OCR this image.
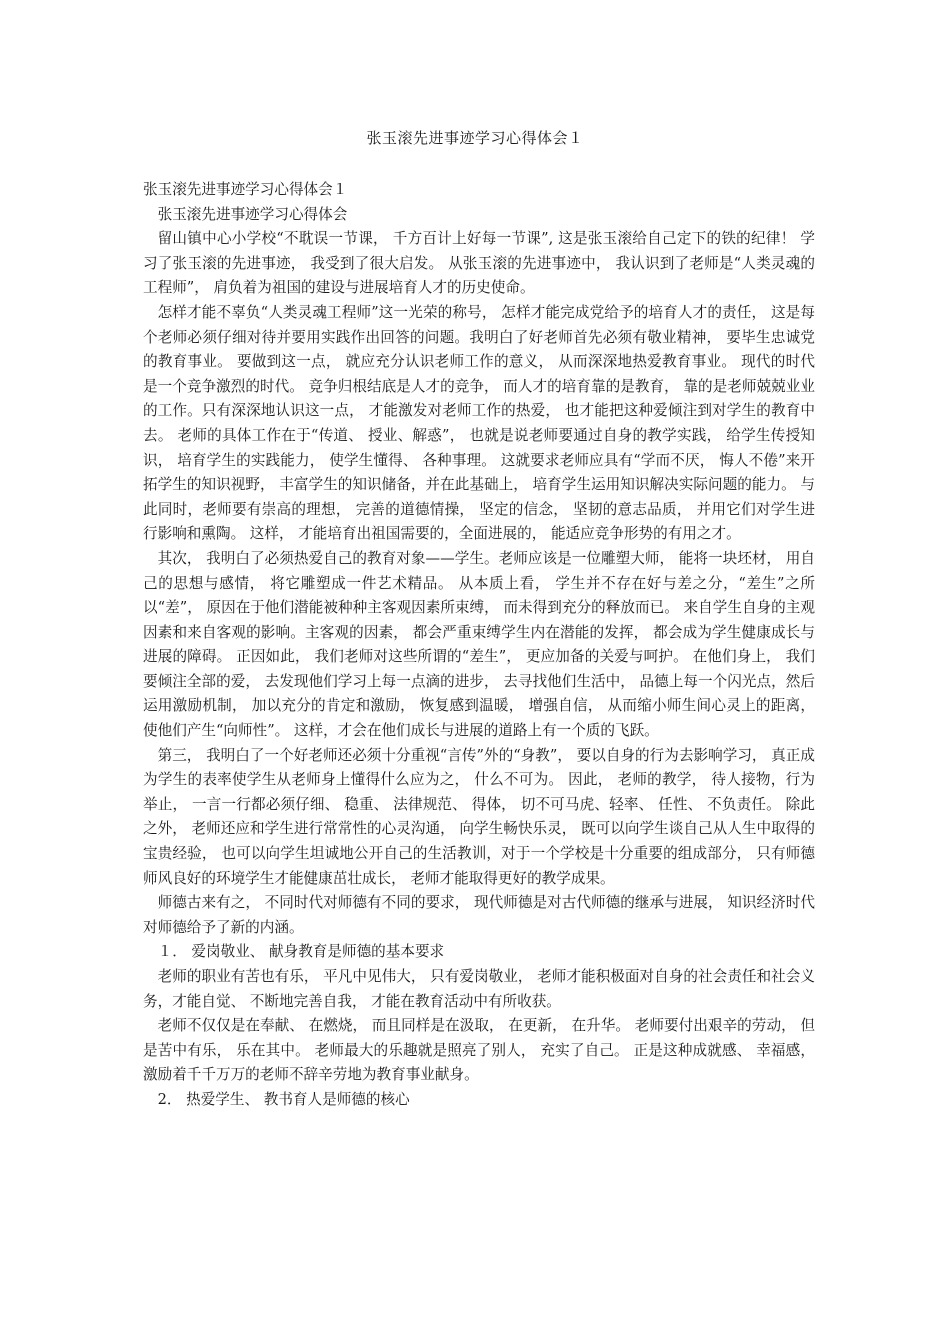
张玉滚先进事迹学习心得体会１

张玉滚先进事迹学习心得体会１

张玉滚先进事迹学习心得体会

留山镇中心小学校“不耽误一节课， 千方百计上好每一节课”, 这是张玉滚给自己定下的铁的纪律！ 学习了张玉滚的先进事迹， 我受到了很大启发。 从张玉滚的先进事迹中， 我认识到了老师是“人类灵魂的工程师”， 肩负着为祖国的建设与进展培育人才的历史使命。

怎样才能不辜负“人类灵魂工程师”这一光荣的称号， 怎样才能完成党给予的培育人才的责任， 这是每个老师必须仔细对待并要用实践作出回答的问题。我明白了好老师首先必须有敬业精神， 要毕生忠诚党的教育事业。 要做到这一点， 就应充分认识老师工作的意义， 从而深深地热爱教育事业。 现代的时代是一个竞争激烈的时代。 竞争归根结底是人才的竞争， 而人才的培育靠的是教育， 靠的是老师兢兢业业的工作。只有深深地认识这一点， 才能激发对老师工作的热爱， 也才能把这种爱倾注到对学生的教育中去。 老师的具体工作在于“传道、 授业、解惑”， 也就是说老师要通过自身的教学实践， 给学生传授知识， 培育学生的实践能力， 使学生懂得、 各种事理。 这就要求老师应具有“学而不厌， 悔人不倦”来开拓学生的知识视野， 丰富学生的知识储备，并在此基础上， 培育学生运用知识解决实际问题的能力。 与此同时，老师要有崇高的理想， 完善的道德情操， 坚定的信念， 坚韧的意志品质， 并用它们对学生进行影响和熏陶。 这样， 才能培育出祖国需要的，全面进展的， 能适应竞争形势的有用之才。

其次， 我明白了必须热爱自己的教育对象——学生。老师应该是一位雕塑大师， 能将一块坯材， 用自己的思想与感情， 将它雕塑成一件艺术精品。 从本质上看， 学生并不存在好与差之分，“差生”之所以“差”， 原因在于他们潜能被种种主客观因素所束缚， 而未得到充分的释放而已。 来自学生自身的主观因素和来自客观的影响。主客观的因素， 都会严重束缚学生内在潜能的发挥， 都会成为学生健康成长与进展的障碍。 正因如此， 我们老师对这些所谓的“差生”， 更应加备的关爱与呵护。 在他们身上， 我们要倾注全部的爱， 去发现他们学习上每一点滴的进步， 去寻找他们生活中， 品德上每一个闪光点，然后运用激励机制， 加以充分的肯定和激励， 恢复感到温暖， 增强自信， 从而缩小师生间心灵上的距离， 使他们产生“向师性”。 这样，才会在他们成长与进展的道路上有一个质的飞跃。

第三， 我明白了一个好老师还必须十分重视“言传”外的“身教”， 要以自身的行为去影响学习， 真正成为学生的表率使学生从老师身上懂得什么应为之， 什么不可为。 因此， 老师的教学， 待人接物，行为举止， 一言一行都必须仔细、 稳重、 法律规范、 得体， 切不可马虎、轻率、 任性、 不负责任。 除此之外， 老师还应和学生进行常常性的心灵沟通， 向学生畅快乐灵， 既可以向学生谈自己从人生中取得的宝贵经验， 也可以向学生坦诚地公开自己的生活教训，对于一个学校是十分重要的组成部分， 只有师德师风良好的环境学生才能健康茁壮成长， 老师才能取得更好的教学成果。

师德古来有之， 不同时代对师德有不同的要求， 现代师德是对古代师德的继承与进展， 知识经济时代对师德给予了新的内涵。

１． 爱岗敬业、 献身教育是师德的基本要求

老师的职业有苦也有乐， 平凡中见伟大， 只有爱岗敬业， 老师才能积极面对自身的社会责任和社会义务，才能自觉、 不断地完善自我， 才能在教育活动中有所收获。

老师不仅仅是在奉献、 在燃烧， 而且同样是在汲取， 在更新， 在升华。 老师要付出艰辛的劳动， 但是苦中有乐， 乐在其中。 老师最大的乐趣就是照亮了别人， 充实了自己。 正是这种成就感、 幸福感， 激励着千千万万的老师不辞辛劳地为教育事业献身。

2． 热爱学生、 教书育人是师德的核心
